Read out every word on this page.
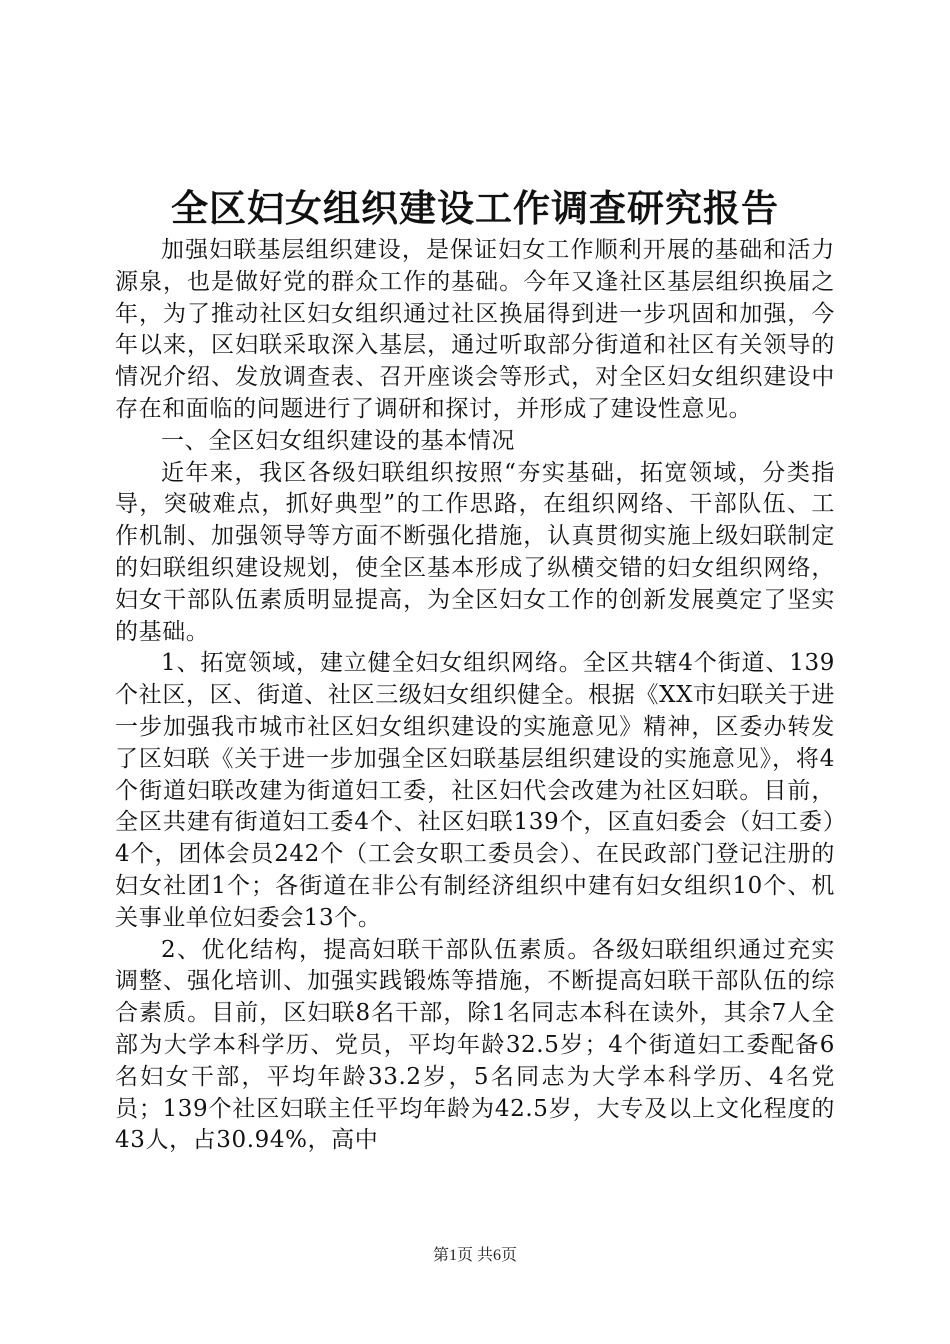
全区妇女组织建设工作调查研究报告

加强妇联基层组织建设，是保证妇女工作顺利开展的基础和活力源泉，也是做好党的群众工作的基础。今年又逢社区基层组织换届之年，为了推动社区妇女组织通过社区换届得到进一步巩固和加强，今年以来，区妇联采取深入基层，通过听取部分街道和社区有关领导的情况介绍、发放调查表、召开座谈会等形式，对全区妇女组织建设中存在和面临的问题进行了调研和探讨，并形成了建设性意见。

一、全区妇女组织建设的基本情况

近年来，我区各级妇联组织按照“夯实基础，拓宽领域，分类指导，突破难点，抓好典型”的工作思路，在组织网络、干部队伍、工作机制、加强领导等方面不断强化措施，认真贯彻实施上级妇联制定的妇联组织建设规划，使全区基本形成了纵横交错的妇女组织网络，妇女干部队伍素质明显提高，为全区妇女工作的创新发展奠定了坚实的基础。

1、拓宽领域，建立健全妇女组织网络。全区共辖4个街道、139个社区，区、街道、社区三级妇女组织健全。根据《XX市妇联关于进一步加强我市城市社区妇女组织建设的实施意见》精神，区委办转发了区妇联《关于进一步加强全区妇联基层组织建设的实施意见》，将4个街道妇联改建为街道妇工委，社区妇代会改建为社区妇联。目前，全区共建有街道妇工委4个、社区妇联139个，区直妇委会（妇工委）4个，团体会员242个（工会女职工委员会）、在民政部门登记注册的妇女社团1个；各街道在非公有制经济组织中建有妇女组织10个、机关事业单位妇委会13个。

2、优化结构，提高妇联干部队伍素质。各级妇联组织通过充实调整、强化培训、加强实践锻炼等措施，不断提高妇联干部队伍的综合素质。目前，区妇联8名干部，除1名同志本科在读外，其余7人全部为大学本科学历、党员，平均年龄32.5岁；4个街道妇工委配备6名妇女干部，平均年龄33.2岁，5名同志为大学本科学历、4名党员；139个社区妇联主任平均年龄为42.5岁，大专及以上文化程度的43人，占30.94%，高中

第1页 共6页
